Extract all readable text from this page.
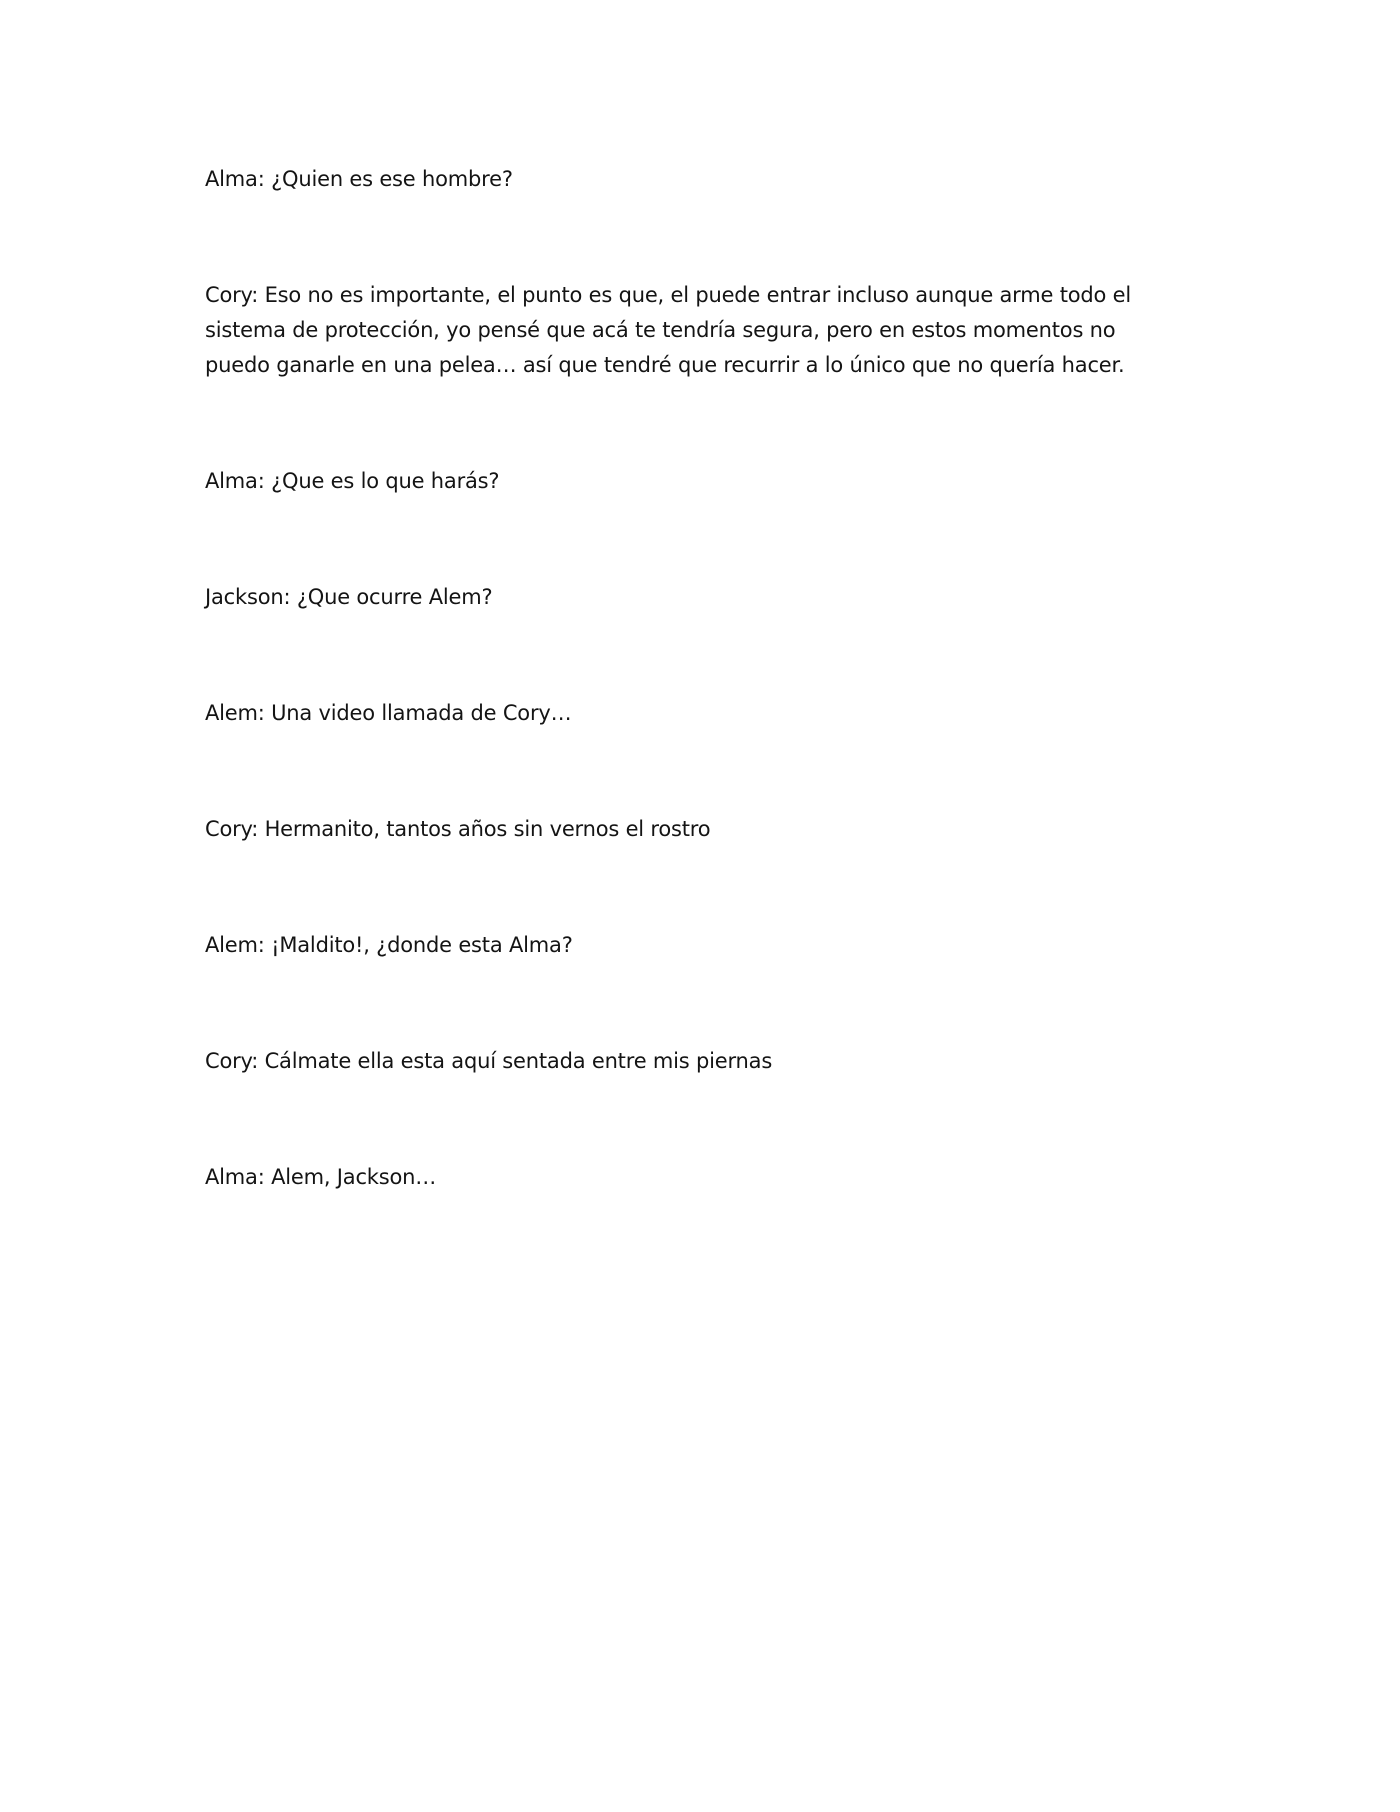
Alma: ¿Quien es ese hombre?

Cory: Eso no es importante, el punto es que, el puede entrar incluso aunque arme todo el sistema de protección, yo pensé que acá te tendría segura, pero en estos momentos no puedo ganarle en una pelea… así que tendré que recurrir a lo único que no quería hacer.

Alma: ¿Que es lo que harás?

Jackson: ¿Que ocurre Alem?

Alem: Una video llamada de Cory…

Cory: Hermanito, tantos años sin vernos el rostro

Alem: ¡Maldito!, ¿donde esta Alma?

Cory: Cálmate ella esta aquí sentada entre mis piernas

Alma: Alem, Jackson…
